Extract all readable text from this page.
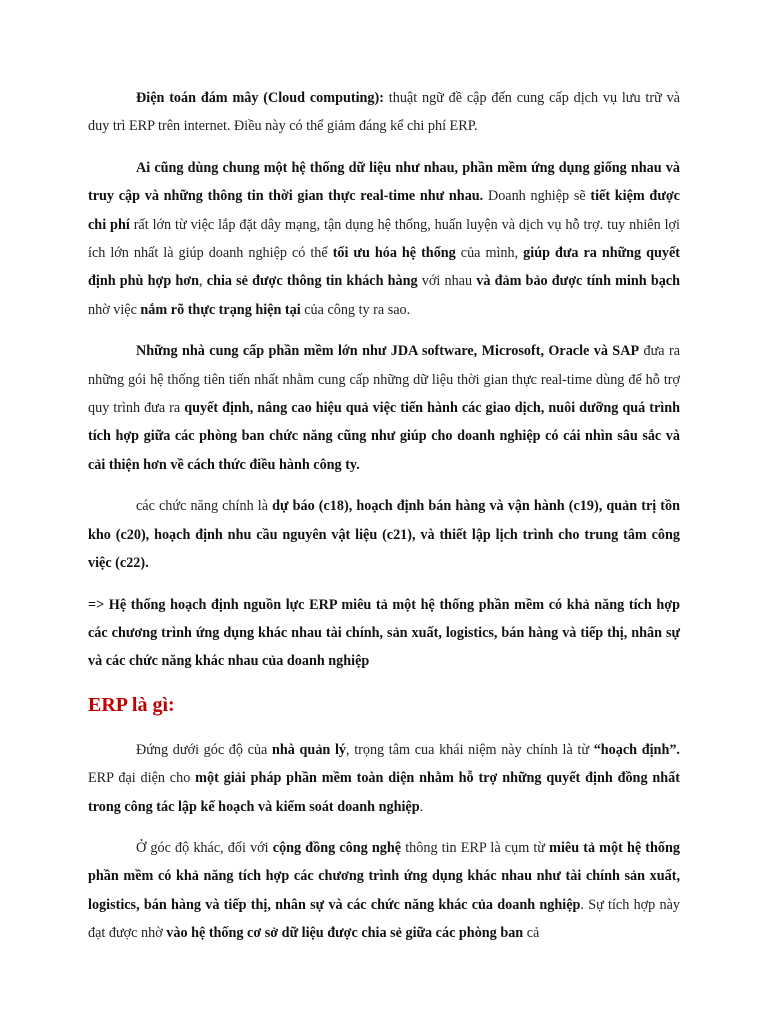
Điện toán đám mây (Cloud computing): thuật ngữ đề cập đến cung cấp dịch vụ lưu trữ và duy trì ERP trên internet. Điều này có thể giảm đáng kể chi phí ERP.

Ai cũng dùng chung một hệ thống dữ liệu như nhau, phần mềm ứng dụng giống nhau và truy cập và những thông tin thời gian thực real-time như nhau. Doanh nghiệp sẽ tiết kiệm được chi phí rất lớn từ việc lắp đặt dây mạng, tận dụng hệ thống, huấn luyện và dịch vụ hỗ trợ. tuy nhiên lợi ích lớn nhất là giúp doanh nghiệp có thể tối ưu hóa hệ thống của mình, giúp đưa ra những quyết định phù hợp hơn, chia sẻ được thông tin khách hàng với nhau và đảm bảo được tính minh bạch nhờ việc nắm rõ thực trạng hiện tại của công ty ra sao.

Những nhà cung cấp phần mềm lớn như JDA software, Microsoft, Oracle và SAP đưa ra những gói hệ thống tiên tiến nhất nhằm cung cấp những dữ liệu thời gian thực real-time dùng để hỗ trợ quy trình đưa ra quyết định, nâng cao hiệu quả việc tiến hành các giao dịch, nuôi dưỡng quá trình tích hợp giữa các phòng ban chức năng cũng như giúp cho doanh nghiệp có cái nhìn sâu sắc và cải thiện hơn về cách thức điều hành công ty.

các chức năng chính là dự báo (c18), hoạch định bán hàng và vận hành (c19), quản trị tồn kho (c20), hoạch định nhu cầu nguyên vật liệu (c21), và thiết lập lịch trình cho trung tâm công việc (c22).

=> Hệ thống hoạch định nguồn lực ERP miêu tả một hệ thống phần mềm có khả năng tích hợp các chương trình ứng dụng khác nhau tài chính, sản xuất, logistics, bán hàng và tiếp thị, nhân sự và các chức năng khác nhau của doanh nghiệp

ERP là gì:

Đứng dưới góc độ của nhà quản lý, trọng tâm cua khái niệm này chính là từ “hoạch định”. ERP đại diện cho một giải pháp phần mềm toàn diện nhằm hỗ trợ những quyết định đồng nhất trong công tác lập kế hoạch và kiểm soát doanh nghiệp.

Ở góc độ khác, đối với cộng đồng công nghệ thông tin ERP là cụm từ miêu tả một hệ thống phần mềm có khả năng tích hợp các chương trình ứng dụng khác nhau như tài chính sản xuất, logistics, bán hàng và tiếp thị, nhân sự và các chức năng khác của doanh nghiệp. Sự tích hợp này đạt được nhờ vào hệ thống cơ sở dữ liệu được chia sẻ giữa các phòng ban cả
